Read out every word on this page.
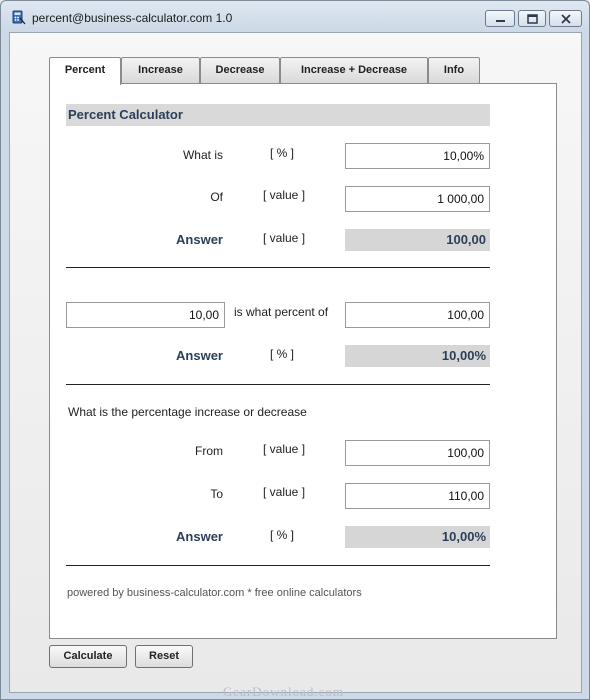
percent@business-calculator.com 1.0
Percent	Increase	Decrease	Increase + Decrease	Info
Percent Calculator
What is	[ % ]	10,00%
Of	[ value ]	1 000,00
Answer	[ value ]	100,00
10,00	is what percent of	100,00
Answer	[ % ]	10,00%
What is the percentage increase or decrease
From	[ value ]	100,00
To	[ value ]	110,00
Answer	[ % ]	10,00%
powered by business-calculator.com * free online calculators
Calculate	Reset
GearDownload.com
